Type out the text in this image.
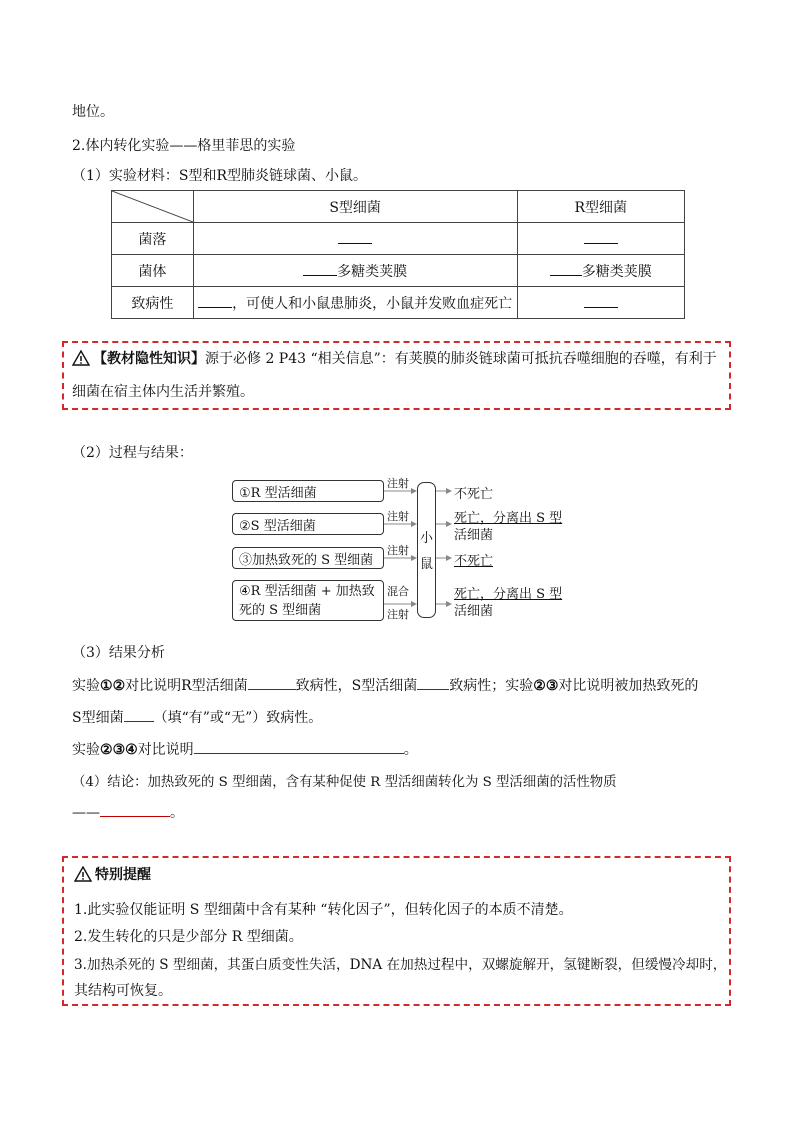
地位。
2.体内转化实验——格里菲思的实验
（1）实验材料：S型和R型肺炎链球菌、小鼠。
	S型细菌	R型细菌
菌落		
菌体	多糖类荚膜	多糖类荚膜
致病性	，可使人和小鼠患肺炎，小鼠并发败血症死亡	
【教材隐性知识】源于必修 2 P43 “相关信息”：有荚膜的肺炎链球菌可抵抗吞噬细胞的吞噬，有利于
细菌在宿主体内生活并繁殖。
（2）过程与结果：
①R 型活细菌
②S 型活细菌
③加热致死的 S 型细菌
④R 型活细菌 + 加热致
死的 S 型细菌
注射
注射
注射
混合
注射
小
鼠
不死亡
死亡，分离出 S 型
活细菌
不死亡
死亡，分离出 S 型
活细菌
（3）结果分析
实验①②对比说明R型活细菌	致病性，S型活细菌 致病性；实验②③对比说明被加热致死的
S型细菌 （填“有”或“无”）致病性。
实验②③④对比说明	。
（4）结论：加热致死的 S 型细菌，含有某种促使 R 型活细菌转化为 S 型活细菌的活性物质
——	。
特别提醒
1.此实验仅能证明 S 型细菌中含有某种 “转化因子”，但转化因子的本质不清楚。
2.发生转化的只是少部分 R 型细菌。
3.加热杀死的 S 型细菌，其蛋白质变性失活，DNA 在加热过程中，双螺旋解开，氢键断裂，但缓慢冷却时，
其结构可恢复。
